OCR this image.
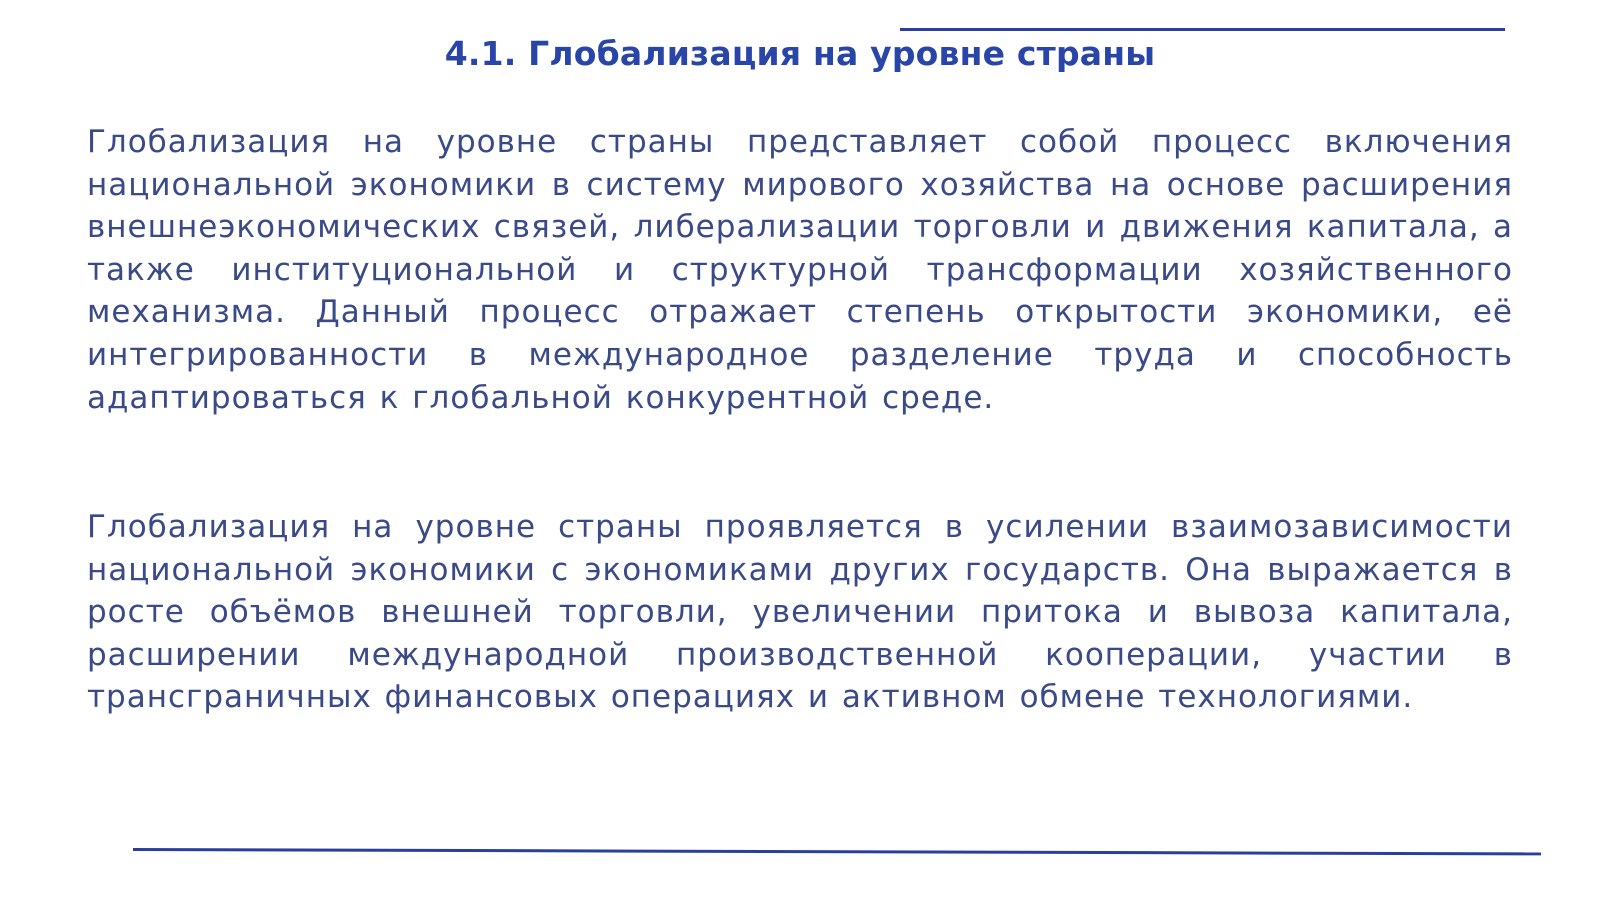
4.1. Глобализация на уровне страны

Глобализация на уровне страны представляет собой процесс включения национальной экономики в систему мирового хозяйства на основе расширения внешнеэкономических связей, либерализации торговли и движения капитала, а также институциональной и структурной трансформации хозяйственного механизма. Данный процесс отражает степень открытости экономики, её интегрированности в международное разделение труда и способность адаптироваться к глобальной конкурентной среде.

Глобализация на уровне страны проявляется в усилении взаимозависимости национальной экономики с экономиками других государств. Она выражается в росте объёмов внешней торговли, увеличении притока и вывоза капитала, расширении международной производственной кооперации, участии в трансграничных финансовых операциях и активном обмене технологиями.
